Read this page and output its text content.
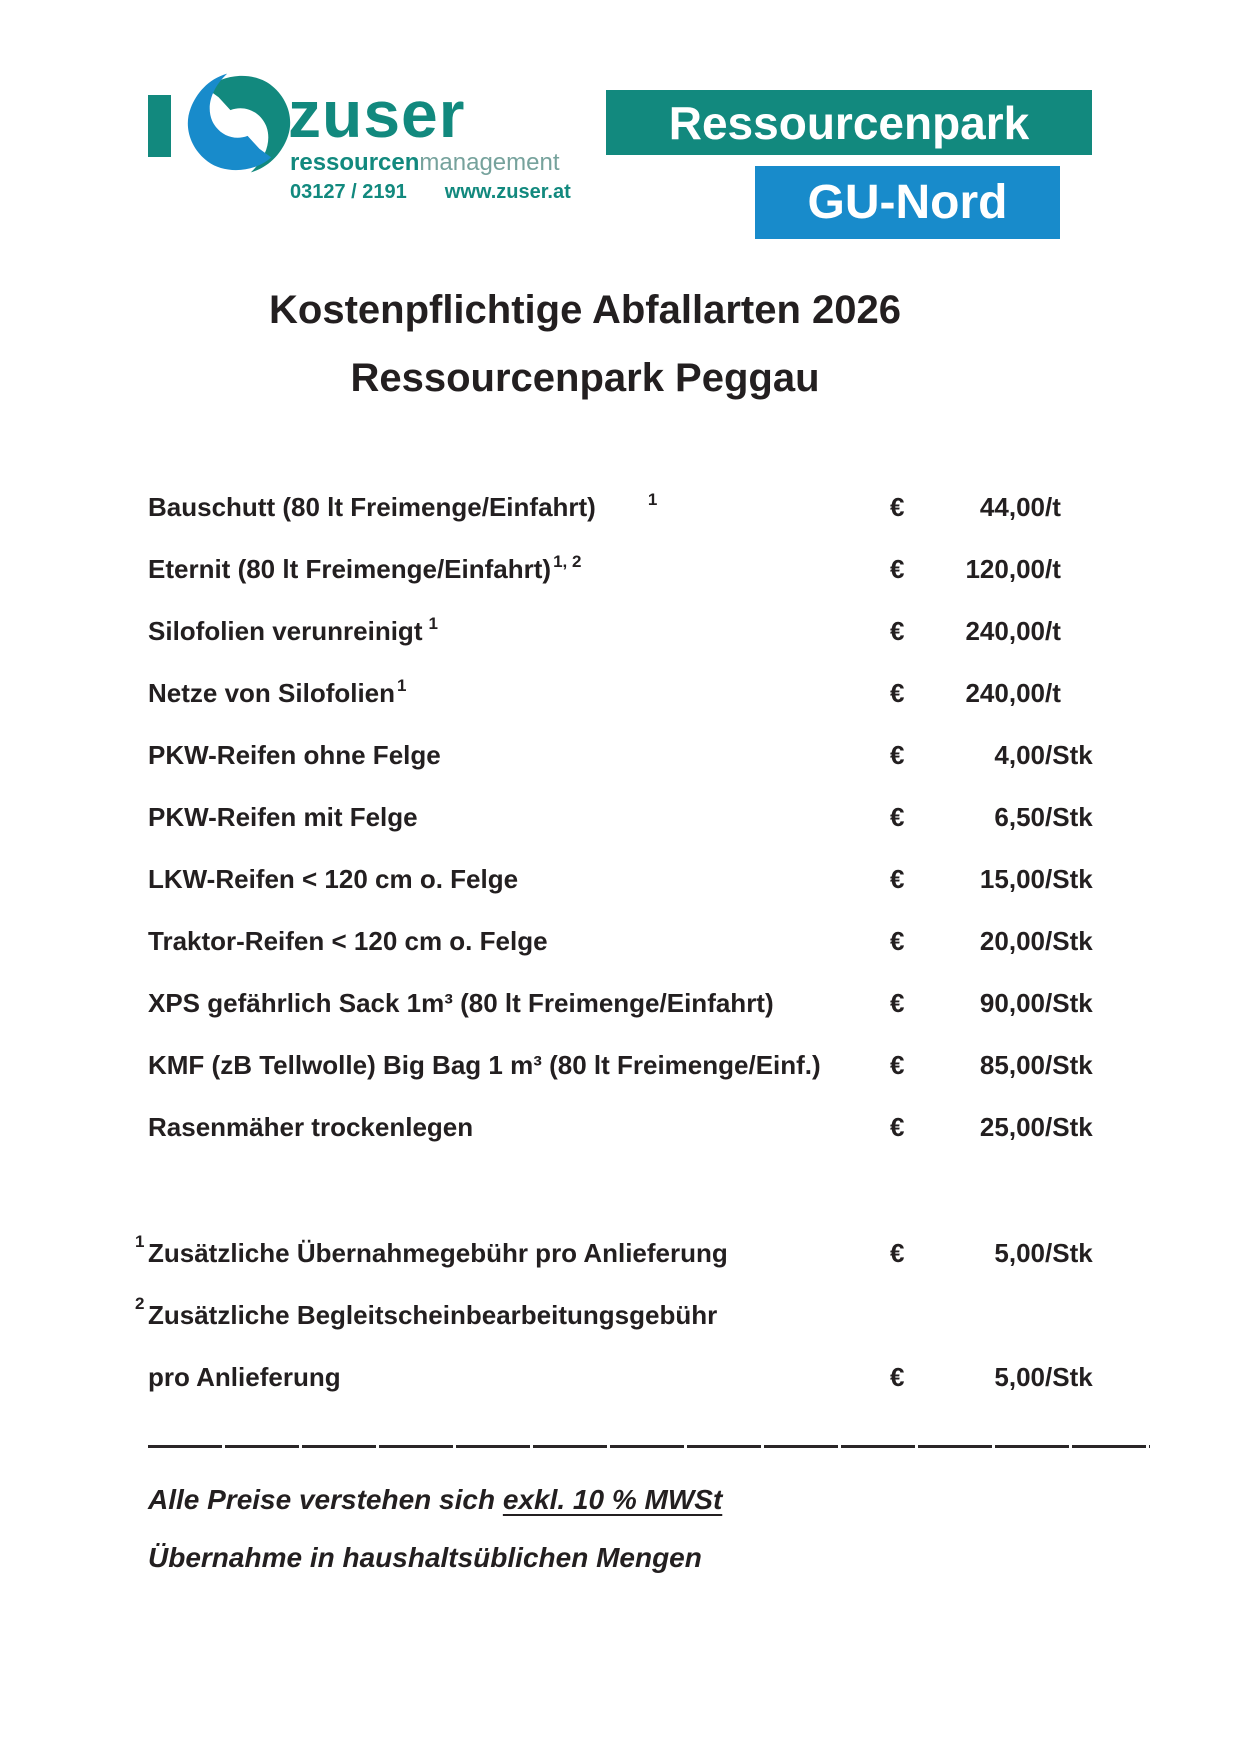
zuser
ressourcenmanagement
03127 / 2191 www.zuser.at
Ressourcenpark
GU-Nord
Kostenpflichtige Abfallarten 2026
Ressourcenpark Peggau
Bauschutt (80 lt Freimenge/Einfahrt)	$^1$	€	44,00 /t
Eternit (80 lt Freimenge/Einfahrt) $^{1, 2}$	€	120,00 /t
Silofolien verunreinigt $^1$	€	240,00 /t
Netze von Silofolien $^1$	€	240,00 /t
PKW-Reifen ohne Felge	€	4,00 /Stk
PKW-Reifen mit Felge	€	6,50 /Stk
LKW-Reifen < 120 cm o. Felge	€	15,00 /Stk
Traktor-Reifen < 120 cm o. Felge	€	20,00 /Stk
XPS gefährlich Sack 1m³ (80 lt Freimenge/Einfahrt)	€	90,00 /Stk
KMF (zB Tellwolle) Big Bag 1 m³ (80 lt Freimenge/Einf.)	€	85,00 /Stk
Rasenmäher trockenlegen	€	25,00 /Stk
1 Zusätzliche Übernahmegebühr pro Anlieferung	€	5,00 /Stk
2 Zusätzliche Begleitscheinbearbeitungsgebühr
pro Anlieferung	€	5,00 /Stk
Alle Preise verstehen sich exkl. 10 % MWSt
Übernahme in haushaltsüblichen Mengen
